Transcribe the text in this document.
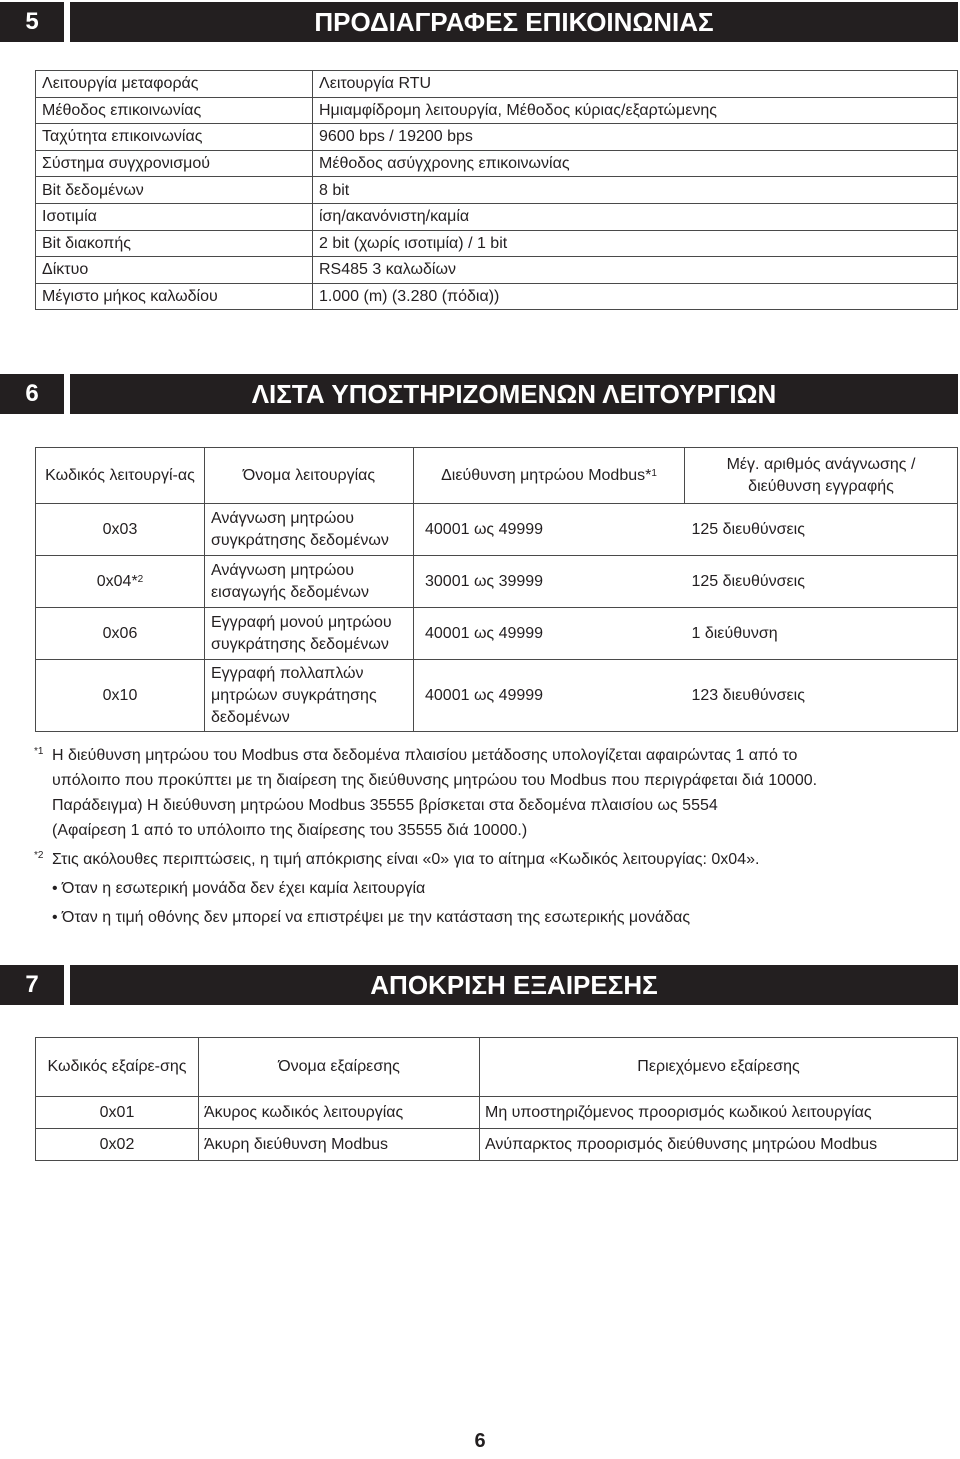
5	ΠΡΟΔΙΑΓΡΑΦΕΣ ΕΠΙΚΟΙΝΩΝΙΑΣ
Λειτουργία μεταφοράς	Λειτουργία RTU
Μέθοδος επικοινωνίας	Ημιαμφίδρομη λειτουργία, Μέθοδος κύριας/εξαρτώμενης
Ταχύτητα επικοινωνίας	9600 bps / 19200 bps
Σύστημα συγχρονισμού	Μέθοδος ασύγχρονης επικοινωνίας
Bit δεδομένων	8 bit
Ισοτιμία	ίση/ακανόνιστη/καμία
Bit διακοπής	2 bit (χωρίς ισοτιμία) / 1 bit
Δίκτυο	RS485 3 καλωδίων
Μέγιστο μήκος καλωδίου	1.000 (m) (3.280 (πόδια))
6	ΛΙΣΤΑ ΥΠΟΣΤΗΡΙΖΟΜΕΝΩΝ ΛΕΙΤΟΥΡΓΙΩΝ
Κωδικός λειτουργί-ας	Όνομα λειτουργίας	Διεύθυνση μητρώου Modbus*$^1$	Μέγ. αριθμός ανάγνωσης / διεύθυνση εγγραφής
0x03	Ανάγνωση μητρώου συγκράτησης δεδομένων	40001 ως 49999	125 διευθύνσεις
0x04*$^2$	Ανάγνωση μητρώου εισαγωγής δεδομένων	30001 ως 39999	125 διευθύνσεις
0x06	Εγγραφή μονού μητρώου συγκράτησης δεδομένων	40001 ως 49999	1 διεύθυνση
0x10	Εγγραφή πολλαπλών μητρώων συγκράτησης δεδομένων	40001 ως 49999	123 διευθύνσεις
*1 Η διεύθυνση μητρώου του Modbus στα δεδομένα πλαισίου μετάδοσης υπολογίζεται αφαιρώντας 1 από το
υπόλοιπο που προκύπτει με τη διαίρεση της διεύθυνσης μητρώου του Modbus που περιγράφεται διά 10000.
Παράδειγμα) Η διεύθυνση μητρώου Modbus 35555 βρίσκεται στα δεδομένα πλαισίου ως 5554
(Αφαίρεση 1 από το υπόλοιπο της διαίρεσης του 35555 διά 10000.)
*2 Στις ακόλουθες περιπτώσεις, η τιμή απόκρισης είναι «0» για το αίτημα «Κωδικός λειτουργίας: 0x04».
• Όταν η εσωτερική μονάδα δεν έχει καμία λειτουργία
• Όταν η τιμή οθόνης δεν μπορεί να επιστρέψει με την κατάσταση της εσωτερικής μονάδας
7	ΑΠΟΚΡΙΣΗ ΕΞΑΙΡΕΣΗΣ
Κωδικός εξαίρε-σης	Όνομα εξαίρεσης	Περιεχόμενο εξαίρεσης
0x01	Άκυρος κωδικός λειτουργίας	Μη υποστηριζόμενος προορισμός κωδικού λειτουργίας
0x02	Άκυρη διεύθυνση Modbus	Ανύπαρκτος προορισμός διεύθυνσης μητρώου Modbus
6
